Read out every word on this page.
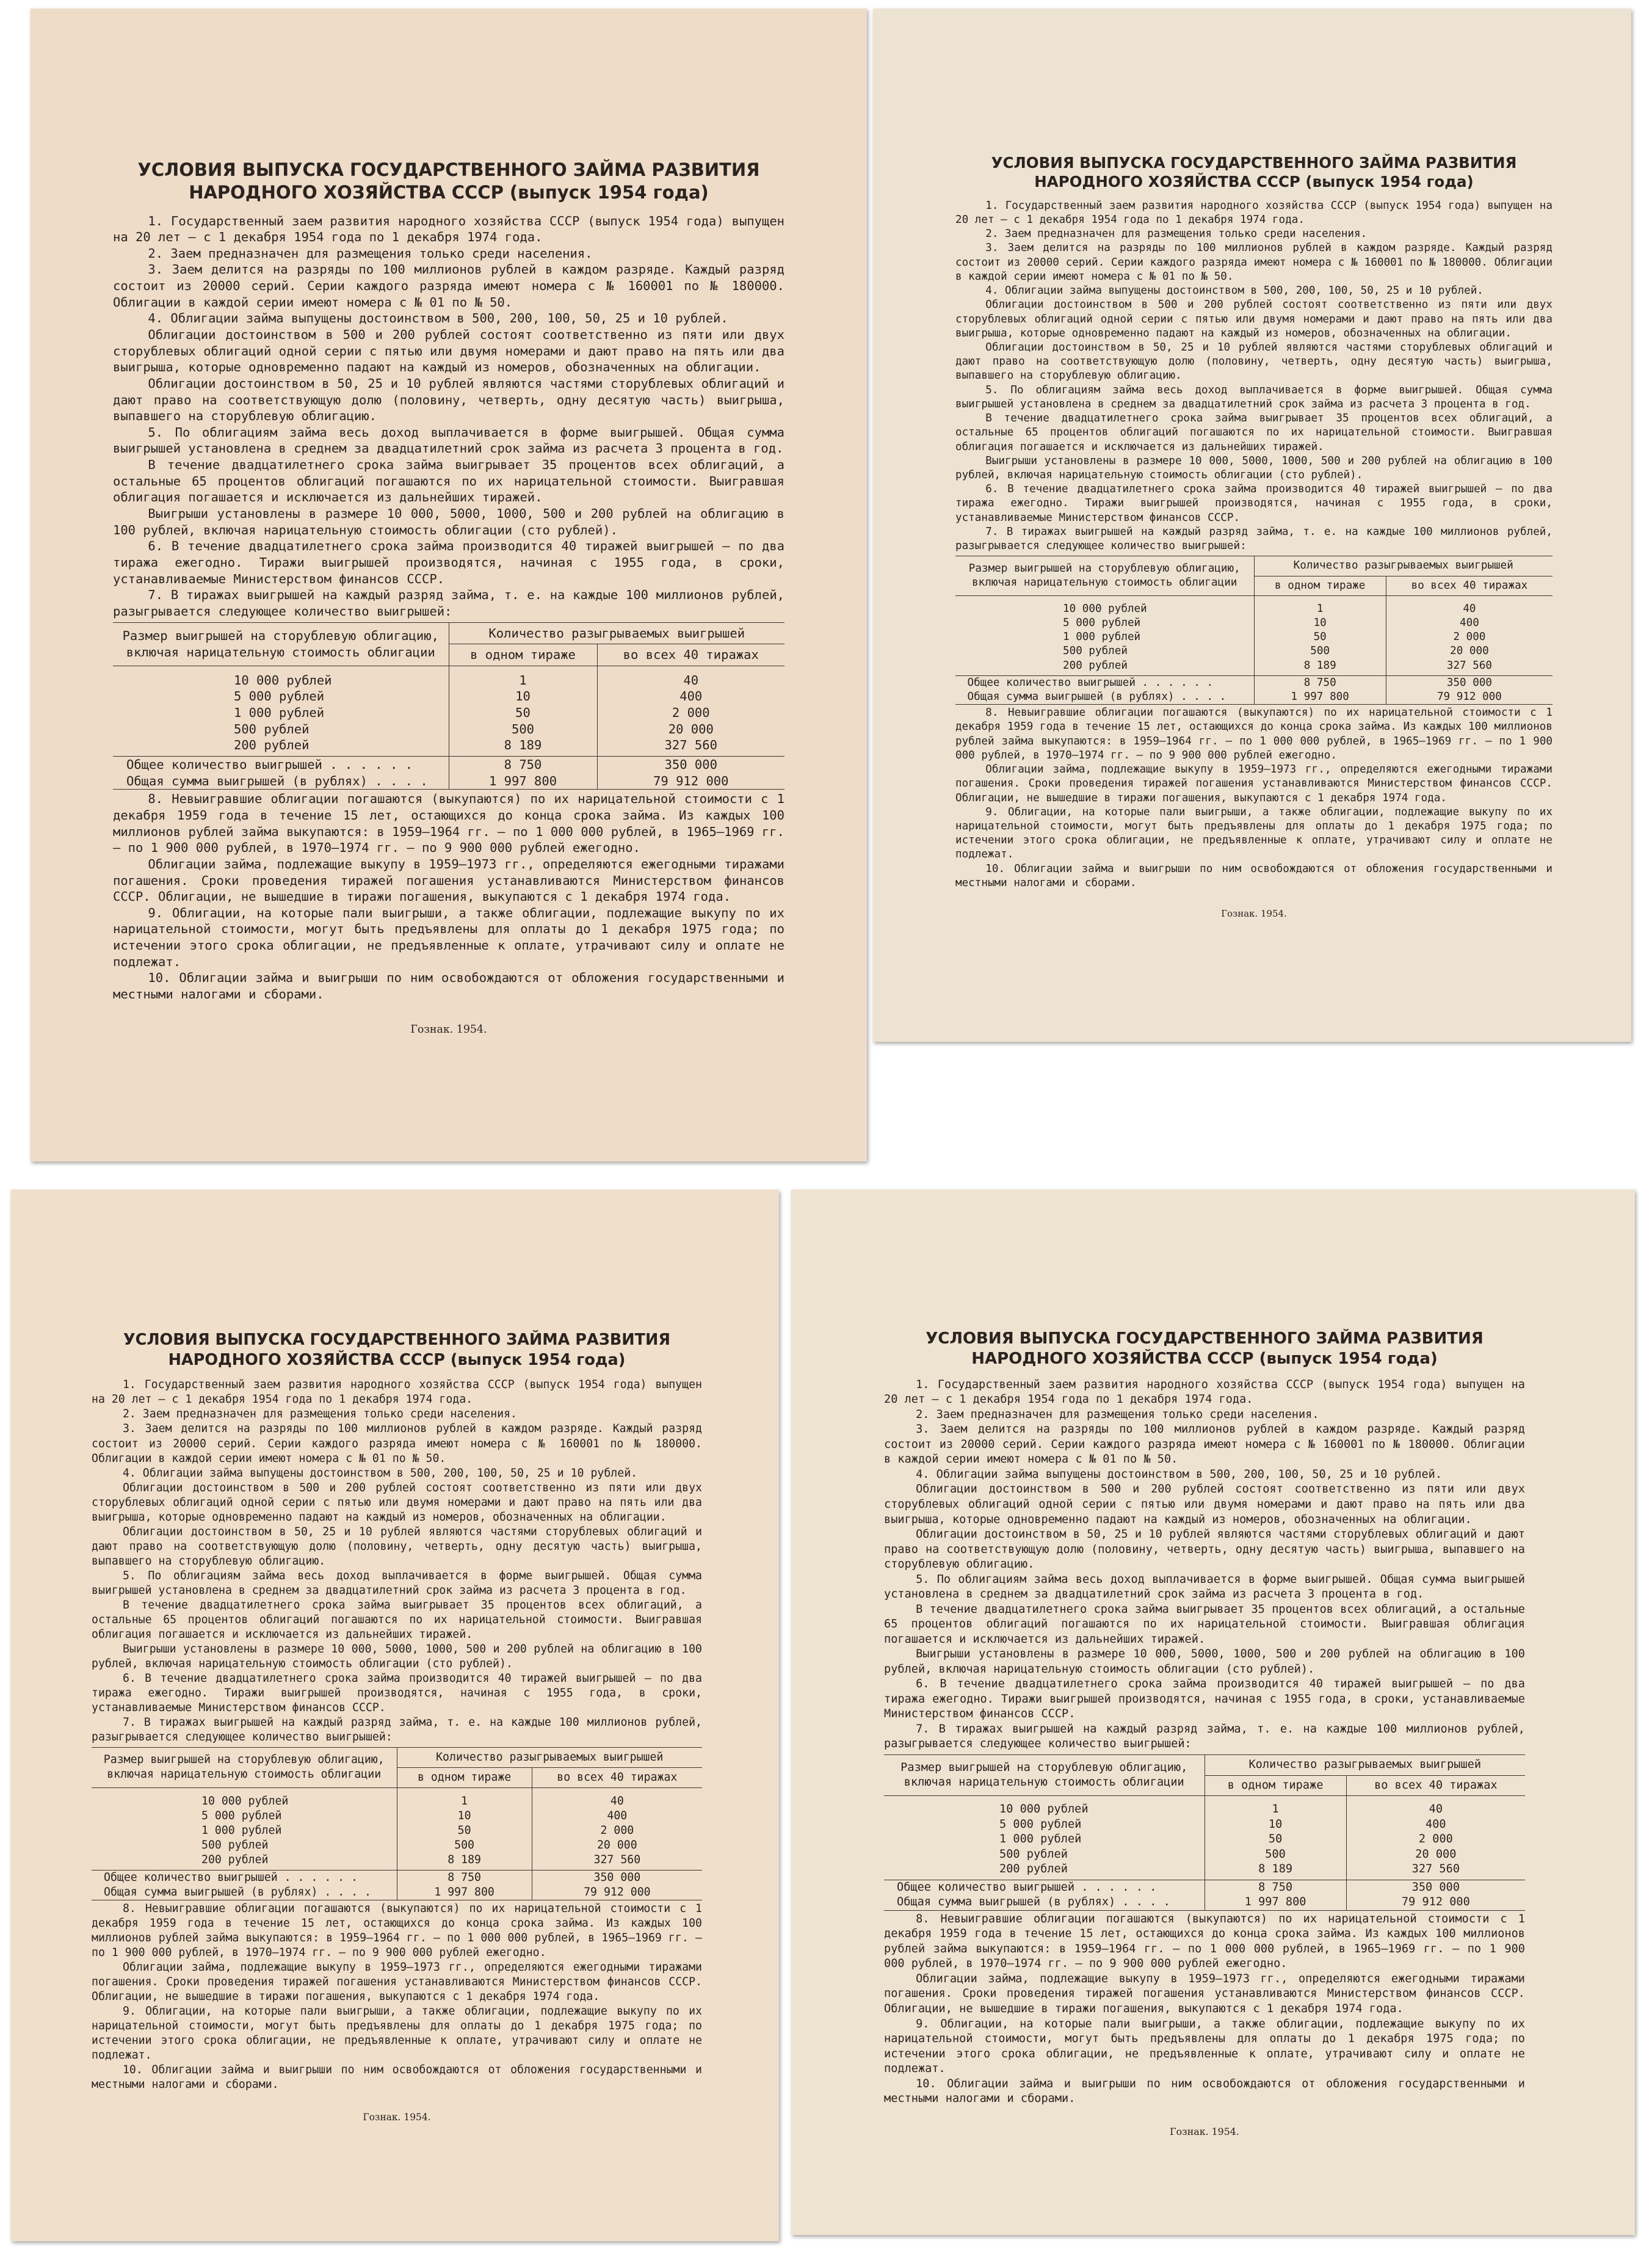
УСЛОВИЯ ВЫПУСКА ГОСУДАРСТВЕННОГО ЗАЙМА РАЗВИТИЯ
НАРОДНОГО ХОЗЯЙСТВА СССР (выпуск 1954 года)

1. Государственный заем развития народного хозяйства СССР (выпуск 1954 года) выпущен на 20 лет — с 1 декабря 1954 года по 1 декабря 1974 года.

2. Заем предназначен для размещения только среди населения.

3. Заем делится на разряды по 100 миллионов рублей в каждом разряде. Каждый разряд состоит из 20000 серий. Серии каждого разряда имеют номера с № 160001 по № 180000. Облигации в каждой серии имеют номера с № 01 по № 50.

4. Облигации займа выпущены достоинством в 500, 200, 100, 50, 25 и 10 рублей.

Облигации достоинством в 500 и 200 рублей состоят соответственно из пяти или двух сторублевых облигаций одной серии с пятью или двумя номерами и дают право на пять или два выигрыша, которые одновременно падают на каждый из номеров, обозначенных на облигации.

Облигации достоинством в 50, 25 и 10 рублей являются частями сторублевых облигаций и дают право на соответствующую долю (половину, четверть, одну десятую часть) выигрыша, выпавшего на сторублевую облигацию.

5. По облигациям займа весь доход выплачивается в форме выигрышей. Общая сумма выигрышей установлена в среднем за двадцатилетний срок займа из расчета 3 процента в год.

В течение двадцатилетнего срока займа выигрывает 35 процентов всех облигаций, а остальные 65 процентов облигаций погашаются по их нарицательной стоимости. Выигравшая облигация погашается и исключается из дальнейших тиражей.

Выигрыши установлены в размере 10 000, 5000, 1000, 500 и 200 рублей на облигацию в 100 рублей, включая нарицательную стоимость облигации (сто рублей).

6. В течение двадцатилетнего срока займа производится 40 тиражей выигрышей — по два тиража ежегодно. Тиражи выигрышей производятся, начиная с 1955 года, в сроки, устанавливаемые Министерством финансов СССР.

7. В тиражах выигрышей на каждый разряд займа, т. е. на каждые 100 миллионов рублей, разыгрывается следующее количество выигрышей:

Размер выигрышей на сторублевую облигацию, включая нарицательную стоимость облигации	Количество разыгрываемых выигрышей	
	в одном тираже	во всех 40 тиражах
10 000 рублей	1	40
5 000 рублей	10	400
1 000 рублей	50	2 000
500 рублей	500	20 000
200 рублей	8 189	327 560
Общее количество выигрышей . . . . . .	8 750	350 000
Общая сумма выигрышей (в рублях) . . . .	1 997 800	79 912 000

8. Невыигравшие облигации погашаются (выкупаются) по их нарицательной стоимости с 1 декабря 1959 года в течение 15 лет, остающихся до конца срока займа. Из каждых 100 миллионов рублей займа выкупаются: в 1959—1964 гг. — по 1 000 000 рублей, в 1965—1969 гг. — по 1 900 000 рублей, в 1970—1974 гг. — по 9 900 000 рублей ежегодно.

Облигации займа, подлежащие выкупу в 1959—1973 гг., определяются ежегодными тиражами погашения. Сроки проведения тиражей погашения устанавливаются Министерством финансов СССР. Облигации, не вышедшие в тиражи погашения, выкупаются с 1 декабря 1974 года.

9. Облигации, на которые пали выигрыши, а также облигации, подлежащие выкупу по их нарицательной стоимости, могут быть предъявлены для оплаты до 1 декабря 1975 года; по истечении этого срока облигации, не предъявленные к оплате, утрачивают силу и оплате не подлежат.

10. Облигации займа и выигрыши по ним освобождаются от обложения государственными и местными налогами и сборами.

Гознак. 1954.

УСЛОВИЯ ВЫПУСКА ГОСУДАРСТВЕННОГО ЗАЙМА РАЗВИТИЯ
НАРОДНОГО ХОЗЯЙСТВА СССР (выпуск 1954 года)

1. Государственный заем развития народного хозяйства СССР (выпуск 1954 года) выпущен на 20 лет — с 1 декабря 1954 года по 1 декабря 1974 года.

2. Заем предназначен для размещения только среди населения.

3. Заем делится на разряды по 100 миллионов рублей в каждом разряде. Каждый разряд состоит из 20000 серий. Серии каждого разряда имеют номера с № 160001 по № 180000. Облигации в каждой серии имеют номера с № 01 по № 50.

4. Облигации займа выпущены достоинством в 500, 200, 100, 50, 25 и 10 рублей.

Облигации достоинством в 500 и 200 рублей состоят соответственно из пяти или двух сторублевых облигаций одной серии с пятью или двумя номерами и дают право на пять или два выигрыша, которые одновременно падают на каждый из номеров, обозначенных на облигации.

Облигации достоинством в 50, 25 и 10 рублей являются частями сторублевых облигаций и дают право на соответствующую долю (половину, четверть, одну десятую часть) выигрыша, выпавшего на сторублевую облигацию.

5. По облигациям займа весь доход выплачивается в форме выигрышей. Общая сумма выигрышей установлена в среднем за двадцатилетний срок займа из расчета 3 процента в год.

В течение двадцатилетнего срока займа выигрывает 35 процентов всех облигаций, а остальные 65 процентов облигаций погашаются по их нарицательной стоимости. Выигравшая облигация погашается и исключается из дальнейших тиражей.

Выигрыши установлены в размере 10 000, 5000, 1000, 500 и 200 рублей на облигацию в 100 рублей, включая нарицательную стоимость облигации (сто рублей).

6. В течение двадцатилетнего срока займа производится 40 тиражей выигрышей — по два тиража ежегодно. Тиражи выигрышей производятся, начиная с 1955 года, в сроки, устанавливаемые Министерством финансов СССР.

7. В тиражах выигрышей на каждый разряд займа, т. е. на каждые 100 миллионов рублей, разыгрывается следующее количество выигрышей:

Размер выигрышей на сторублевую облигацию, включая нарицательную стоимость облигации	Количество разыгрываемых выигрышей	
	в одном тираже	во всех 40 тиражах
10 000 рублей	1	40
5 000 рублей	10	400
1 000 рублей	50	2 000
500 рублей	500	20 000
200 рублей	8 189	327 560
Общее количество выигрышей . . . . . .	8 750	350 000
Общая сумма выигрышей (в рублях) . . . .	1 997 800	79 912 000

8. Невыигравшие облигации погашаются (выкупаются) по их нарицательной стоимости с 1 декабря 1959 года в течение 15 лет, остающихся до конца срока займа. Из каждых 100 миллионов рублей займа выкупаются: в 1959—1964 гг. — по 1 000 000 рублей, в 1965—1969 гг. — по 1 900 000 рублей, в 1970—1974 гг. — по 9 900 000 рублей ежегодно.

Облигации займа, подлежащие выкупу в 1959—1973 гг., определяются ежегодными тиражами погашения. Сроки проведения тиражей погашения устанавливаются Министерством финансов СССР. Облигации, не вышедшие в тиражи погашения, выкупаются с 1 декабря 1974 года.

9. Облигации, на которые пали выигрыши, а также облигации, подлежащие выкупу по их нарицательной стоимости, могут быть предъявлены для оплаты до 1 декабря 1975 года; по истечении этого срока облигации, не предъявленные к оплате, утрачивают силу и оплате не подлежат.

10. Облигации займа и выигрыши по ним освобождаются от обложения государственными и местными налогами и сборами.

Гознак. 1954.

УСЛОВИЯ ВЫПУСКА ГОСУДАРСТВЕННОГО ЗАЙМА РАЗВИТИЯ
НАРОДНОГО ХОЗЯЙСТВА СССР (выпуск 1954 года)

1. Государственный заем развития народного хозяйства СССР (выпуск 1954 года) выпущен на 20 лет — с 1 декабря 1954 года по 1 декабря 1974 года.

2. Заем предназначен для размещения только среди населения.

3. Заем делится на разряды по 100 миллионов рублей в каждом разряде. Каждый разряд состоит из 20000 серий. Серии каждого разряда имеют номера с № 160001 по № 180000. Облигации в каждой серии имеют номера с № 01 по № 50.

4. Облигации займа выпущены достоинством в 500, 200, 100, 50, 25 и 10 рублей.

Облигации достоинством в 500 и 200 рублей состоят соответственно из пяти или двух сторублевых облигаций одной серии с пятью или двумя номерами и дают право на пять или два выигрыша, которые одновременно падают на каждый из номеров, обозначенных на облигации.

Облигации достоинством в 50, 25 и 10 рублей являются частями сторублевых облигаций и дают право на соответствующую долю (половину, четверть, одну десятую часть) выигрыша, выпавшего на сторублевую облигацию.

5. По облигациям займа весь доход выплачивается в форме выигрышей. Общая сумма выигрышей установлена в среднем за двадцатилетний срок займа из расчета 3 процента в год.

В течение двадцатилетнего срока займа выигрывает 35 процентов всех облигаций, а остальные 65 процентов облигаций погашаются по их нарицательной стоимости. Выигравшая облигация погашается и исключается из дальнейших тиражей.

Выигрыши установлены в размере 10 000, 5000, 1000, 500 и 200 рублей на облигацию в 100 рублей, включая нарицательную стоимость облигации (сто рублей).

6. В течение двадцатилетнего срока займа производится 40 тиражей выигрышей — по два тиража ежегодно. Тиражи выигрышей производятся, начиная с 1955 года, в сроки, устанавливаемые Министерством финансов СССР.

7. В тиражах выигрышей на каждый разряд займа, т. е. на каждые 100 миллионов рублей, разыгрывается следующее количество выигрышей:

Размер выигрышей на сторублевую облигацию, включая нарицательную стоимость облигации	Количество разыгрываемых выигрышей	
	в одном тираже	во всех 40 тиражах
10 000 рублей	1	40
5 000 рублей	10	400
1 000 рублей	50	2 000
500 рублей	500	20 000
200 рублей	8 189	327 560
Общее количество выигрышей . . . . . .	8 750	350 000
Общая сумма выигрышей (в рублях) . . . .	1 997 800	79 912 000

8. Невыигравшие облигации погашаются (выкупаются) по их нарицательной стоимости с 1 декабря 1959 года в течение 15 лет, остающихся до конца срока займа. Из каждых 100 миллионов рублей займа выкупаются: в 1959—1964 гг. — по 1 000 000 рублей, в 1965—1969 гг. — по 1 900 000 рублей, в 1970—1974 гг. — по 9 900 000 рублей ежегодно.

Облигации займа, подлежащие выкупу в 1959—1973 гг., определяются ежегодными тиражами погашения. Сроки проведения тиражей погашения устанавливаются Министерством финансов СССР. Облигации, не вышедшие в тиражи погашения, выкупаются с 1 декабря 1974 года.

9. Облигации, на которые пали выигрыши, а также облигации, подлежащие выкупу по их нарицательной стоимости, могут быть предъявлены для оплаты до 1 декабря 1975 года; по истечении этого срока облигации, не предъявленные к оплате, утрачивают силу и оплате не подлежат.

10. Облигации займа и выигрыши по ним освобождаются от обложения государственными и местными налогами и сборами.

Гознак. 1954.

УСЛОВИЯ ВЫПУСКА ГОСУДАРСТВЕННОГО ЗАЙМА РАЗВИТИЯ
НАРОДНОГО ХОЗЯЙСТВА СССР (выпуск 1954 года)

1. Государственный заем развития народного хозяйства СССР (выпуск 1954 года) выпущен на 20 лет — с 1 декабря 1954 года по 1 декабря 1974 года.

2. Заем предназначен для размещения только среди населения.

3. Заем делится на разряды по 100 миллионов рублей в каждом разряде. Каждый разряд состоит из 20000 серий. Серии каждого разряда имеют номера с № 160001 по № 180000. Облигации в каждой серии имеют номера с № 01 по № 50.

4. Облигации займа выпущены достоинством в 500, 200, 100, 50, 25 и 10 рублей.

Облигации достоинством в 500 и 200 рублей состоят соответственно из пяти или двух сторублевых облигаций одной серии с пятью или двумя номерами и дают право на пять или два выигрыша, которые одновременно падают на каждый из номеров, обозначенных на облигации.

Облигации достоинством в 50, 25 и 10 рублей являются частями сторублевых облигаций и дают право на соответствующую долю (половину, четверть, одну десятую часть) выигрыша, выпавшего на сторублевую облигацию.

5. По облигациям займа весь доход выплачивается в форме выигрышей. Общая сумма выигрышей установлена в среднем за двадцатилетний срок займа из расчета 3 процента в год.

В течение двадцатилетнего срока займа выигрывает 35 процентов всех облигаций, а остальные 65 процентов облигаций погашаются по их нарицательной стоимости. Выигравшая облигация погашается и исключается из дальнейших тиражей.

Выигрыши установлены в размере 10 000, 5000, 1000, 500 и 200 рублей на облигацию в 100 рублей, включая нарицательную стоимость облигации (сто рублей).

6. В течение двадцатилетнего срока займа производится 40 тиражей выигрышей — по два тиража ежегодно. Тиражи выигрышей производятся, начиная с 1955 года, в сроки, устанавливаемые Министерством финансов СССР.

7. В тиражах выигрышей на каждый разряд займа, т. е. на каждые 100 миллионов рублей, разыгрывается следующее количество выигрышей:

Размер выигрышей на сторублевую облигацию, включая нарицательную стоимость облигации	Количество разыгрываемых выигрышей	
	в одном тираже	во всех 40 тиражах
10 000 рублей	1	40
5 000 рублей	10	400
1 000 рублей	50	2 000
500 рублей	500	20 000
200 рублей	8 189	327 560
Общее количество выигрышей . . . . . .	8 750	350 000
Общая сумма выигрышей (в рублях) . . . .	1 997 800	79 912 000

8. Невыигравшие облигации погашаются (выкупаются) по их нарицательной стоимости с 1 декабря 1959 года в течение 15 лет, остающихся до конца срока займа. Из каждых 100 миллионов рублей займа выкупаются: в 1959—1964 гг. — по 1 000 000 рублей, в 1965—1969 гг. — по 1 900 000 рублей, в 1970—1974 гг. — по 9 900 000 рублей ежегодно.

Облигации займа, подлежащие выкупу в 1959—1973 гг., определяются ежегодными тиражами погашения. Сроки проведения тиражей погашения устанавливаются Министерством финансов СССР. Облигации, не вышедшие в тиражи погашения, выкупаются с 1 декабря 1974 года.

9. Облигации, на которые пали выигрыши, а также облигации, подлежащие выкупу по их нарицательной стоимости, могут быть предъявлены для оплаты до 1 декабря 1975 года; по истечении этого срока облигации, не предъявленные к оплате, утрачивают силу и оплате не подлежат.

10. Облигации займа и выигрыши по ним освобождаются от обложения государственными и местными налогами и сборами.

Гознак. 1954.
